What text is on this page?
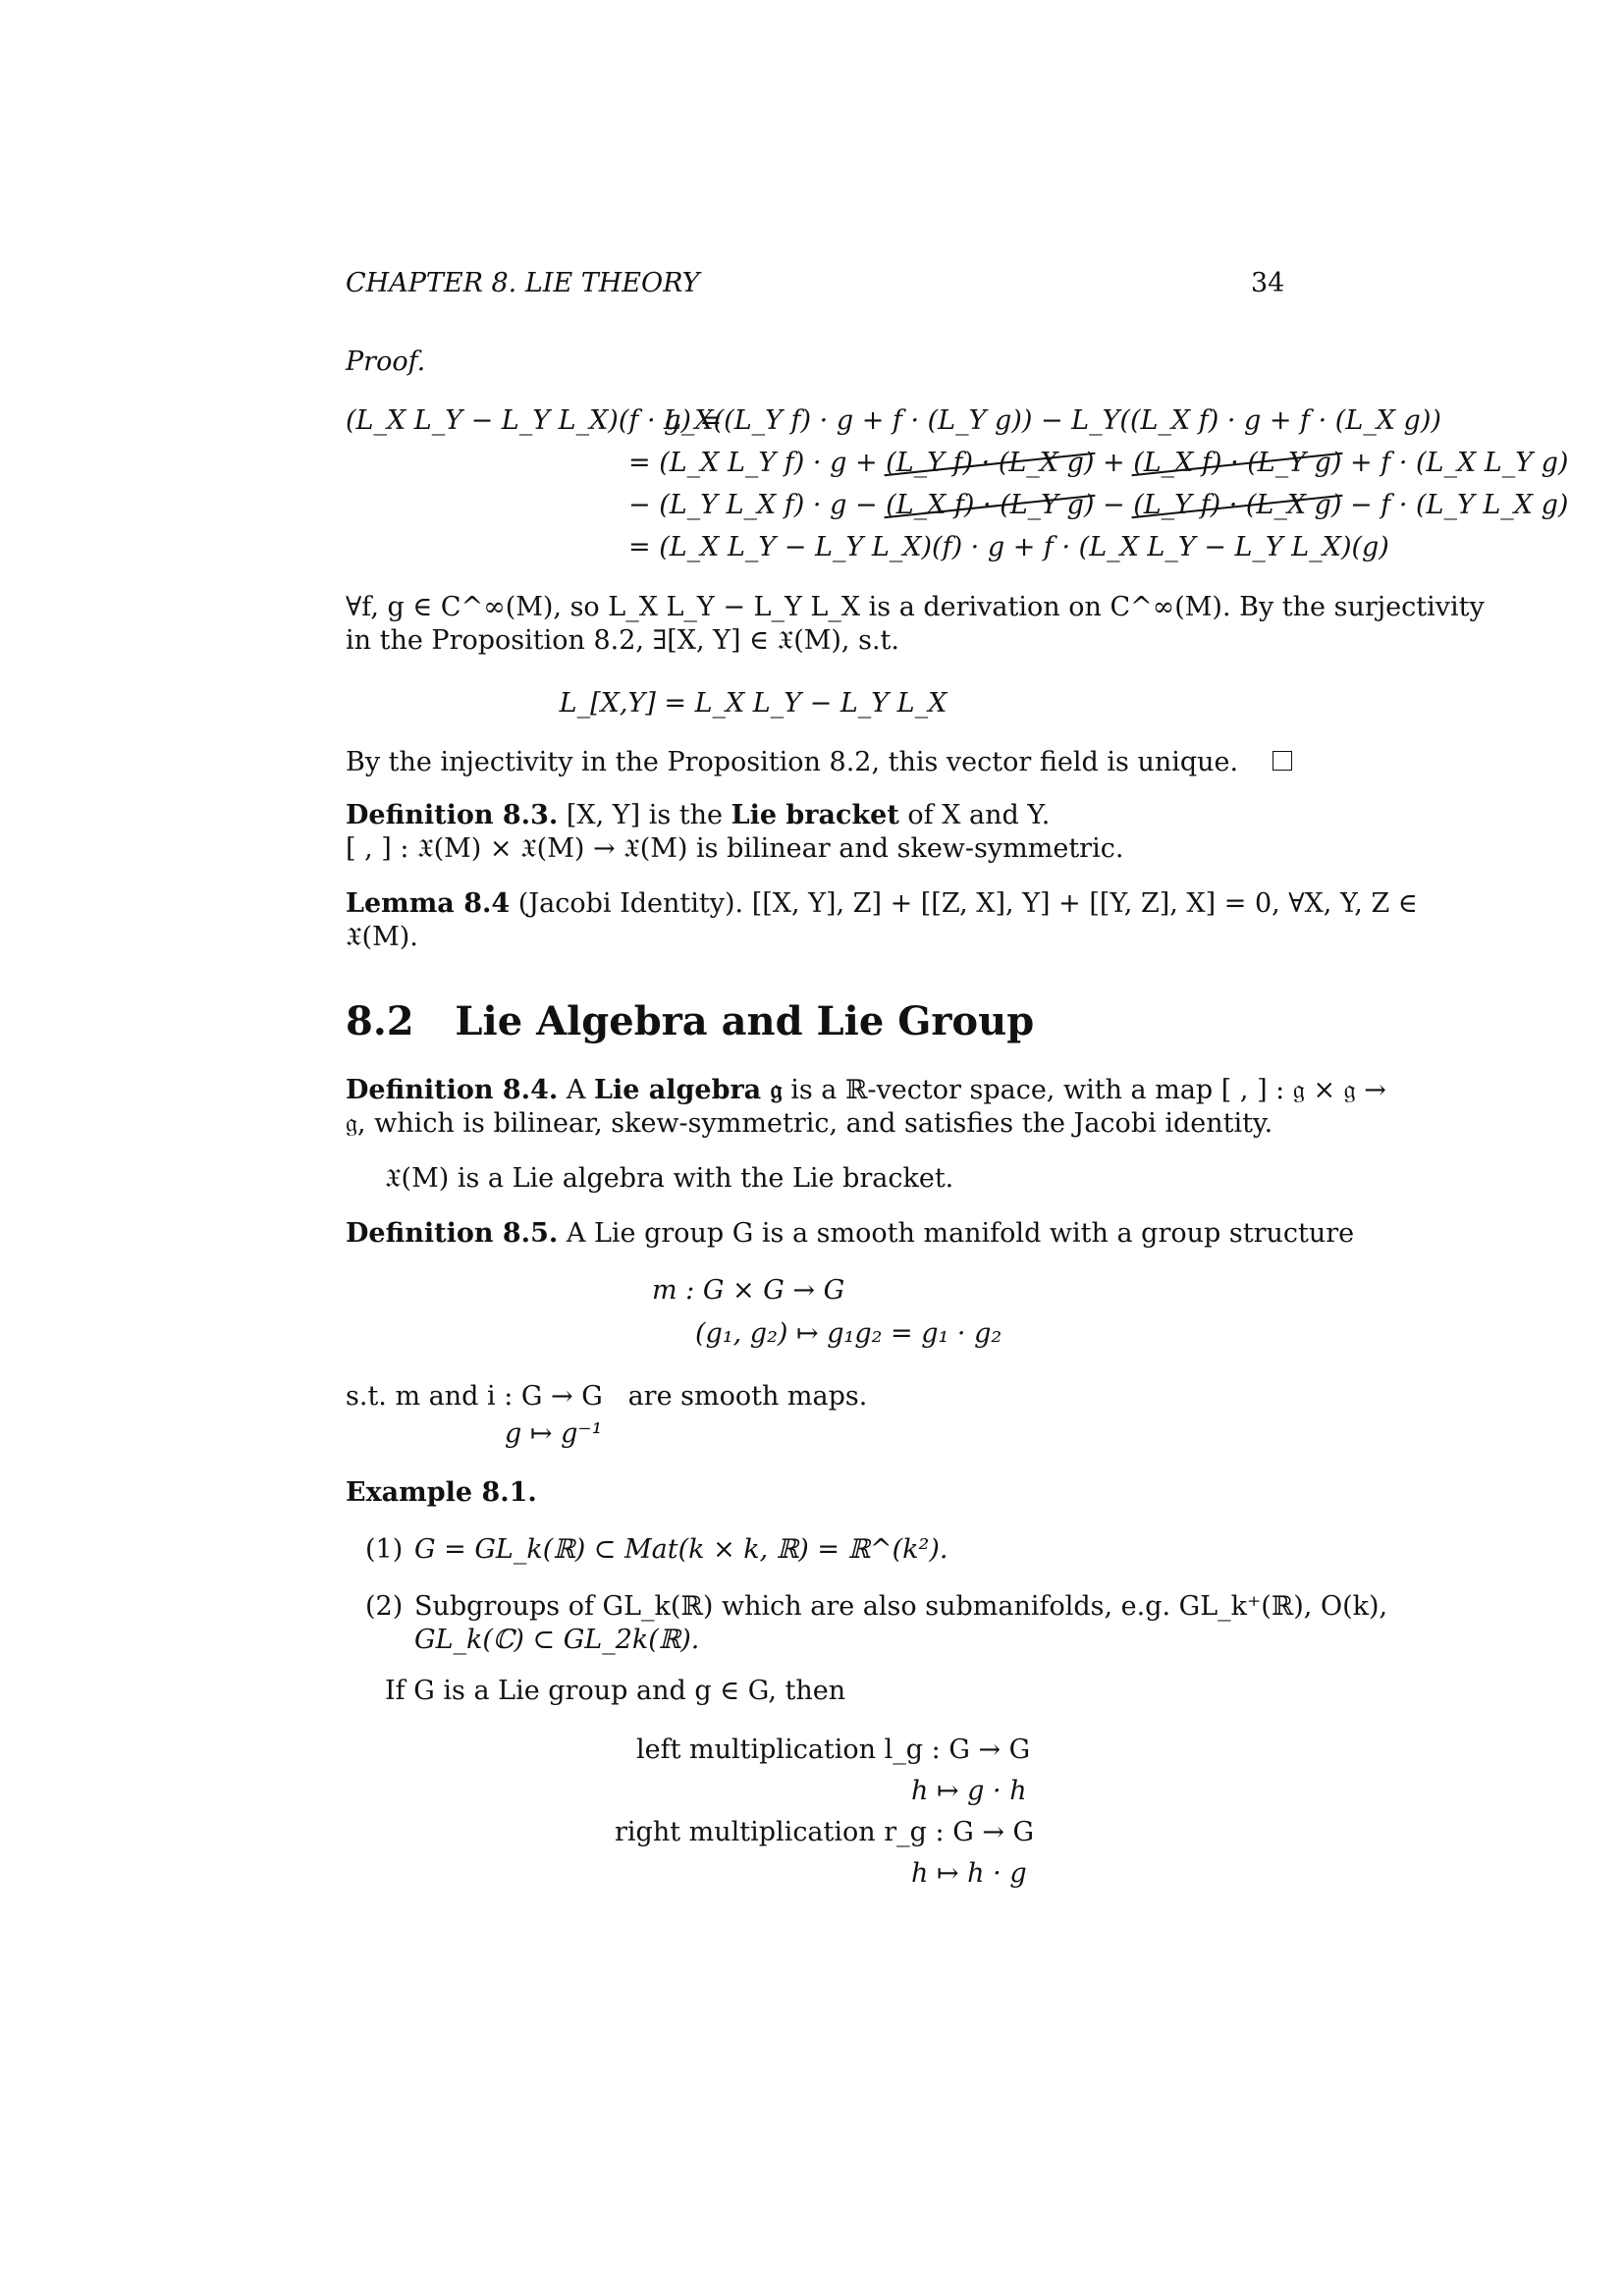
CHAPTER 8. LIE THEORY	34
Proof.
(L_X L_Y − L_Y L_X)(f · g) =
L_X((L_Y f) · g + f · (L_Y g)) − L_Y((L_X f) · g + f · (L_X g))
= (L_X L_Y f) · g + (L_Y f) · (L_X g) + (L_X f) · (L_Y g) + f · (L_X L_Y g)
− (L_Y L_X f) · g − (L_X f) · (L_Y g) − (L_Y f) · (L_X g) − f · (L_Y L_X g)
= (L_X L_Y − L_Y L_X)(f) · g + f · (L_X L_Y − L_Y L_X)(g)
∀f, g ∈ C^∞(M), so L_X L_Y − L_Y L_X is a derivation on C^∞(M). By the surjectivity
in the Proposition 8.2, ∃[X, Y] ∈ 𝔛(M), s.t.
L_[X,Y] = L_X L_Y − L_Y L_X
By the injectivity in the Proposition 8.2, this vector field is unique.
Definition 8.3. [X, Y] is the Lie bracket of X and Y.
[ , ] : 𝔛(M) × 𝔛(M) → 𝔛(M) is bilinear and skew-symmetric.
Lemma 8.4 (Jacobi Identity). [[X, Y], Z] + [[Z, X], Y] + [[Y, Z], X] = 0, ∀X, Y, Z ∈
𝔛(M).
8.2 Lie Algebra and Lie Group
Definition 8.4. A Lie algebra 𝔤 is a ℝ-vector space, with a map [ , ] : 𝔤 × 𝔤 →
𝔤, which is bilinear, skew-symmetric, and satisfies the Jacobi identity.
𝔛(M) is a Lie algebra with the Lie bracket.
Definition 8.5. A Lie group G is a smooth manifold with a group structure
m : G × G → G
(g₁, g₂) ↦ g₁g₂ = g₁ · g₂
s.t. m and i : G → G are smooth maps.
g ↦ g⁻¹
Example 8.1.
(1) G = GL_k(ℝ) ⊂ Mat(k × k, ℝ) = ℝ^(k²).
(2) Subgroups of GL_k(ℝ) which are also submanifolds, e.g. GL_k⁺(ℝ), O(k),
GL_k(ℂ) ⊂ GL_2k(ℝ).
If G is a Lie group and g ∈ G, then
left multiplication l_g : G → G
h ↦ g · h
right multiplication r_g : G → G
h ↦ h · g
